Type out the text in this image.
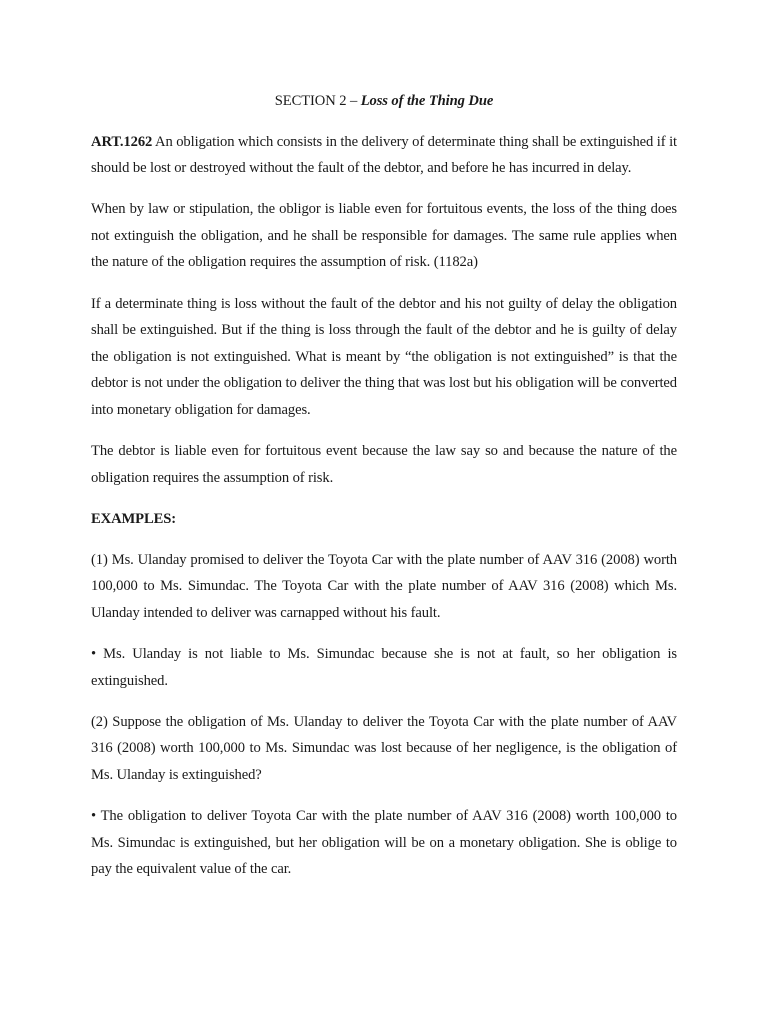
SECTION 2 – Loss of the Thing Due

ART.1262 An obligation which consists in the delivery of determinate thing shall be extinguished if it should be lost or destroyed without the fault of the debtor, and before he has incurred in delay.

When by law or stipulation, the obligor is liable even for fortuitous events, the loss of the thing does not extinguish the obligation, and he shall be responsible for damages. The same rule applies when the nature of the obligation requires the assumption of risk. (1182a)

If a determinate thing is loss without the fault of the debtor and his not guilty of delay the obligation shall be extinguished. But if the thing is loss through the fault of the debtor and he is guilty of delay the obligation is not extinguished. What is meant by “the obligation is not extinguished” is that the debtor is not under the obligation to deliver the thing that was lost but his obligation will be converted into monetary obligation for damages.

The debtor is liable even for fortuitous event because the law say so and because the nature of the obligation requires the assumption of risk.

EXAMPLES:

(1) Ms. Ulanday promised to deliver the Toyota Car with the plate number of AAV 316 (2008) worth 100,000 to Ms. Simundac. The Toyota Car with the plate number of AAV 316 (2008) which Ms. Ulanday intended to deliver was carnapped without his fault.

• Ms. Ulanday is not liable to Ms. Simundac because she is not at fault, so her obligation is extinguished.

(2) Suppose the obligation of Ms. Ulanday to deliver the Toyota Car with the plate number of AAV 316 (2008) worth 100,000 to Ms. Simundac was lost because of her negligence, is the obligation of Ms. Ulanday is extinguished?

• The obligation to deliver Toyota Car with the plate number of AAV 316 (2008) worth 100,000 to Ms. Simundac is extinguished, but her obligation will be on a monetary obligation. She is oblige to pay the equivalent value of the car.
